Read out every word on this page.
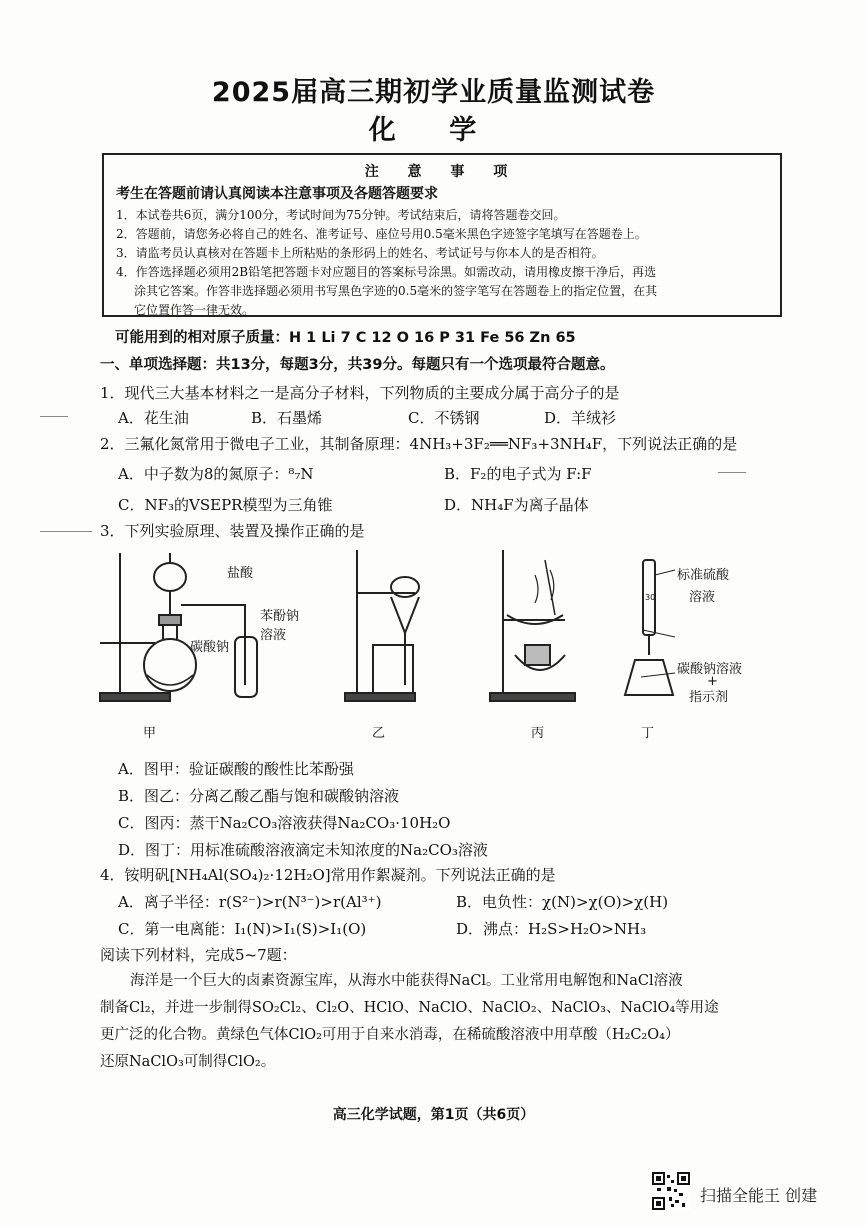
2025届高三期初学业质量监测试卷
化 学
注 意 事 项
考生在答题前请认真阅读本注意事项及各题答题要求
1．本试卷共6页，满分100分，考试时间为75分钟。考试结束后，请将答题卷交回。
2．答题前，请您务必将自己的姓名、准考证号、座位号用0.5毫米黑色字迹签字笔填写在答题卷上。
3．请监考员认真核对在答题卡上所粘贴的条形码上的姓名、考试证号与你本人的是否相符。
4．作答选择题必须用2B铅笔把答题卡对应题目的答案标号涂黑。如需改动，请用橡皮擦干净后，再选
涂其它答案。作答非选择题必须用书写黑色字迹的0.5毫米的签字笔写在答题卷上的指定位置，在其
它位置作答一律无效。
可能用到的相对原子质量：H 1 Li 7 C 12 O 16 P 31 Fe 56 Zn 65
一、单项选择题：共13分，每题3分，共39分。每题只有一个选项最符合题意。
1．现代三大基本材料之一是高分子材料，下列物质的主要成分属于高分子的是
A．花生油	B．石墨烯	C．不锈钢	D．羊绒衫
2．三氟化氮常用于微电子工业，其制备原理：4NH₃+3F₂══NF₃+3NH₄F，下列说法正确的是
A．中子数为8的氮原子：⁸₇N	B．F₂的电子式为 F:F
C．NF₃的VSEPR模型为三角锥	D．NH₄F为离子晶体
3．下列实验原理、装置及操作正确的是
盐酸
苯酚钠
溶液
碳酸钠
标准硫酸
溶液
30
碳酸钠溶液
+
指示剂
甲	乙	丙	丁
A．图甲：验证碳酸的酸性比苯酚强
B．图乙：分离乙酸乙酯与饱和碳酸钠溶液
C．图丙：蒸干Na₂CO₃溶液获得Na₂CO₃·10H₂O
D．图丁：用标准硫酸溶液滴定未知浓度的Na₂CO₃溶液
4．铵明矾[NH₄Al(SO₄)₂·12H₂O]常用作絮凝剂。下列说法正确的是
A．离子半径：r(S²⁻)>r(N³⁻)>r(Al³⁺)	B．电负性：χ(N)>χ(O)>χ(H)
C．第一电离能：I₁(N)>I₁(S)>I₁(O)	D．沸点：H₂S>H₂O>NH₃
阅读下列材料，完成5~7题：
海洋是一个巨大的卤素资源宝库，从海水中能获得NaCl。工业常用电解饱和NaCl溶液
制备Cl₂，并进一步制得SO₂Cl₂、Cl₂O、HClO、NaClO、NaClO₂、NaClO₃、NaClO₄等用途
更广泛的化合物。黄绿色气体ClO₂可用于自来水消毒，在稀硫酸溶液中用草酸（H₂C₂O₄）
还原NaClO₃可制得ClO₂。
高三化学试题，第1页（共6页）
扫描全能王 创建
